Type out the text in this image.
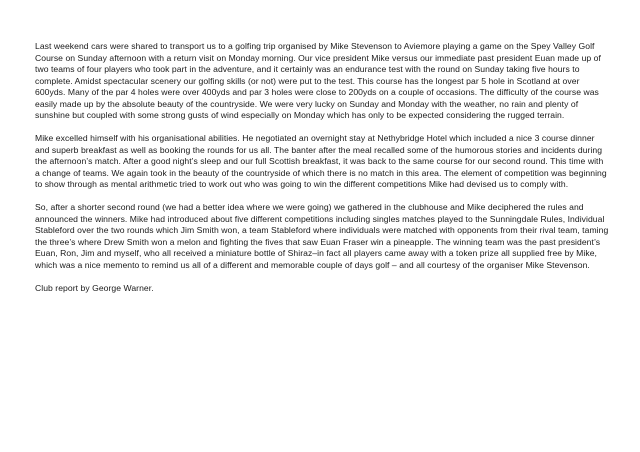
Last weekend cars were shared to transport us to a golfing trip organised by Mike Stevenson to Aviemore playing a game on the Spey Valley Golf Course on Sunday afternoon with a return visit on Monday morning. Our vice president Mike versus our immediate past president Euan made up of two teams of four players who took part in the adventure, and it certainly was an endurance test with the round on Sunday taking five hours to complete. Amidst spectacular scenery our golfing skills (or not) were put to the test. This course has the longest par 5 hole in Scotland at over 600yds. Many of the par 4 holes were over 400yds and par 3 holes were close to 200yds on a couple of occasions. The difficulty of the course was easily made up by the absolute beauty of the countryside. We were very lucky on Sunday and Monday with the weather, no rain and plenty of sunshine but coupled with some strong gusts of wind especially on Monday which has only to be expected considering the rugged terrain.

Mike excelled himself with his organisational abilities. He negotiated an overnight stay at Nethybridge Hotel which included a nice 3 course dinner and superb breakfast as well as booking the rounds for us all. The banter after the meal recalled some of the humorous stories and incidents during the afternoon’s match. After a good night’s sleep and our full Scottish breakfast, it was back to the same course for our second round. This time with a change of teams. We again took in the beauty of the countryside of which there is no match in this area. The element of competition was beginning to show through as mental arithmetic tried to work out who was going to win the different competitions Mike had devised us to comply with.

So, after a shorter second round (we had a better idea where we were going) we gathered in the clubhouse and Mike deciphered the rules and announced the winners. Mike had introduced about five different competitions including singles matches played to the Sunningdale Rules, Individual Stableford over the two rounds which Jim Smith won, a team Stableford where individuals were matched with opponents from their rival team, taming the three’s where Drew Smith won a melon and fighting the fives that saw Euan Fraser win a pineapple. The winning team was the past president’s Euan, Ron, Jim and myself, who all received a miniature bottle of Shiraz–in fact all players came away with a token prize all supplied free by Mike, which was a nice memento to remind us all of a different and memorable couple of days golf – and all courtesy of the organiser Mike Stevenson.

Club report by George Warner.
